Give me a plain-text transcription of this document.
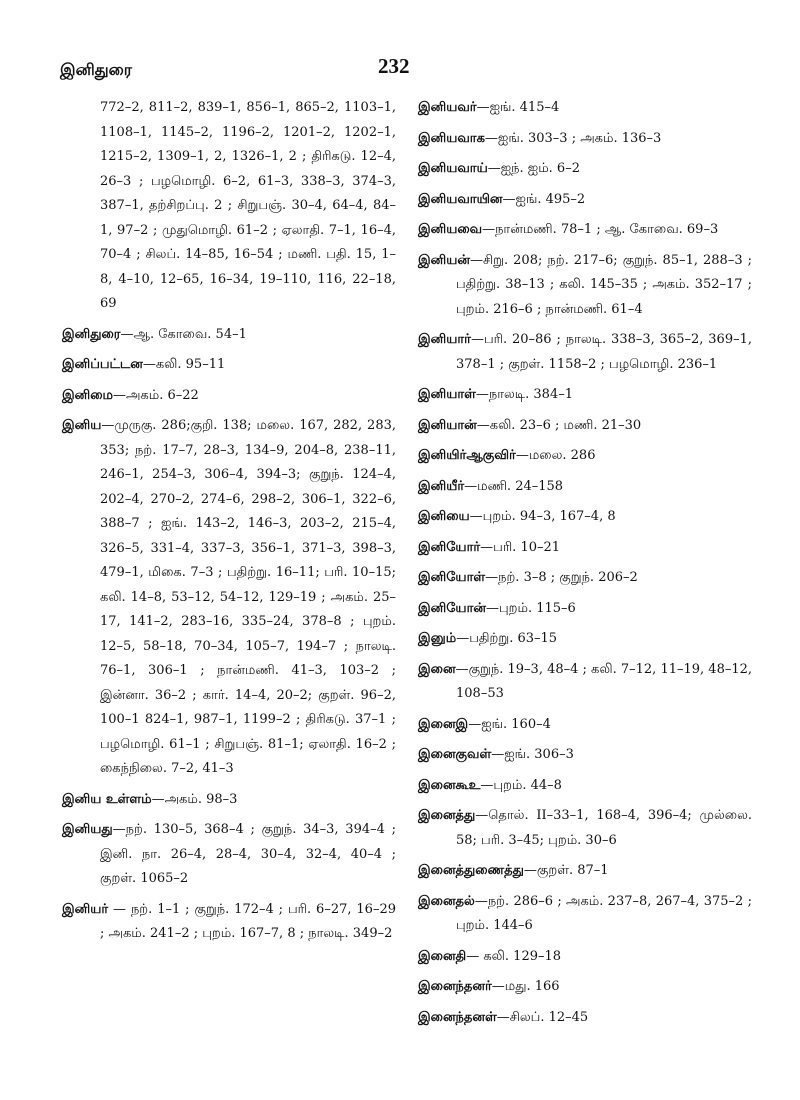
இனிதுரை	232
772–2, 811–2, 839–1, 856–1, 865–2, 1103–1, 1108–1, 1145–2, 1196–2, 1201–2, 1202–1, 1215–2, 1309–1, 2, 1326–1, 2 ; திரிகடு. 12–4, 26–3 ; பழமொழி. 6–2, 61–3, 338–3, 374–3, 387–1, தற்சிறப்பு. 2 ; சிறுபஞ். 30–4, 64–4, 84–1, 97–2 ; முதுமொழி. 61–2 ; ஏலாதி. 7–1, 16–4, 70–4 ; சிலப். 14–85, 16–54 ; மணி. பதி. 15, 1–8, 4–10, 12–65, 16–34, 19–110, 116, 22–18, 69
இனிதுரை—ஆ. கோவை. 54–1
இனிப்பட்டன—கலி. 95–11
இனிமை—அகம். 6–22
இனிய—முருகு. 286;குறி. 138; மலை. 167, 282, 283, 353; நற். 17–7, 28–3, 134–9, 204–8, 238–11, 246–1, 254–3, 306–4, 394–3; குறுந். 124–4, 202–4, 270–2, 274–6, 298–2, 306–1, 322–6, 388–7 ; ஐங். 143–2, 146–3, 203–2, 215–4, 326–5, 331–4, 337–3, 356–1, 371–3, 398–3, 479–1, மிகை. 7–3 ; பதிற்று. 16–11; பரி. 10–15; கலி. 14–8, 53–12, 54–12, 129–19 ; அகம். 25–17, 141–2, 283–16, 335–24, 378–8 ; புறம். 12–5, 58–18, 70–34, 105–7, 194–7 ; நாலடி. 76–1, 306–1 ; நான்மணி. 41–3, 103–2 ; இன்னா. 36–2 ; கார். 14–4, 20–2; குறள். 96–2, 100–1 824–1, 987–1, 1199–2 ; திரிகடு. 37–1 ; பழமொழி. 61–1 ; சிறுபஞ். 81–1; ஏலாதி. 16–2 ; கைந்நிலை. 7–2, 41–3
இனிய உள்ளம்—அகம். 98–3
இனியது—நற். 130–5, 368–4 ; குறுந். 34–3, 394–4 ; இனி. நா. 26–4, 28–4, 30–4, 32–4, 40–4 ; குறள். 1065–2
இனியர் — நற். 1–1 ; குறுந். 172–4 ; பரி. 6–27, 16–29 ; அகம். 241–2 ; புறம். 167–7, 8 ; நாலடி. 349–2
இனியவர்—ஐங். 415–4
இனியவாக—ஐங். 303–3 ; அகம். 136–3
இனியவாய்—ஐந். ஐம். 6–2
இனியவாயின—ஐங். 495–2
இனியவை—நான்மணி. 78–1 ; ஆ. கோவை. 69–3
இனியன்—சிறு. 208; நற். 217–6; குறுந். 85–1, 288–3 ; பதிற்று. 38–13 ; கலி. 145–35 ; அகம். 352–17 ; புறம். 216–6 ; நான்மணி. 61–4
இனியார்—பரி. 20–86 ; நாலடி. 338–3, 365–2, 369–1, 378–1 ; குறள். 1158–2 ; பழமொழி. 236–1
இனியாள்—நாலடி. 384–1
இனியான்—கலி. 23–6 ; மணி. 21–30
இனியிர்ஆகுவிர்—மலை. 286
இனியீர்—மணி. 24–158
இனியை—புறம். 94–3, 167–4, 8
இனியோர்—பரி. 10–21
இனியோள்—நற். 3–8 ; குறுந். 206–2
இனியோன்—புறம். 115–6
இனும்—பதிற்று. 63–15
இனை—குறுந். 19–3, 48–4 ; கலி. 7–12, 11–19, 48–12, 108–53
இனைஇ—ஐங். 160–4
இனைகுவள்—ஐங். 306–3
இனைகூஉ—புறம். 44–8
இனைத்து—தொல். II–33–1, 168–4, 396–4; முல்லை. 58; பரி. 3–45; புறம். 30–6
இனைத்துணைத்து—குறள். 87–1
இனைதல்—நற். 286–6 ; அகம். 237–8, 267–4, 375–2 ; புறம். 144–6
இனைதி— கலி. 129–18
இனைந்தனர்—மது. 166
இனைந்தனள்—சிலப். 12–45
